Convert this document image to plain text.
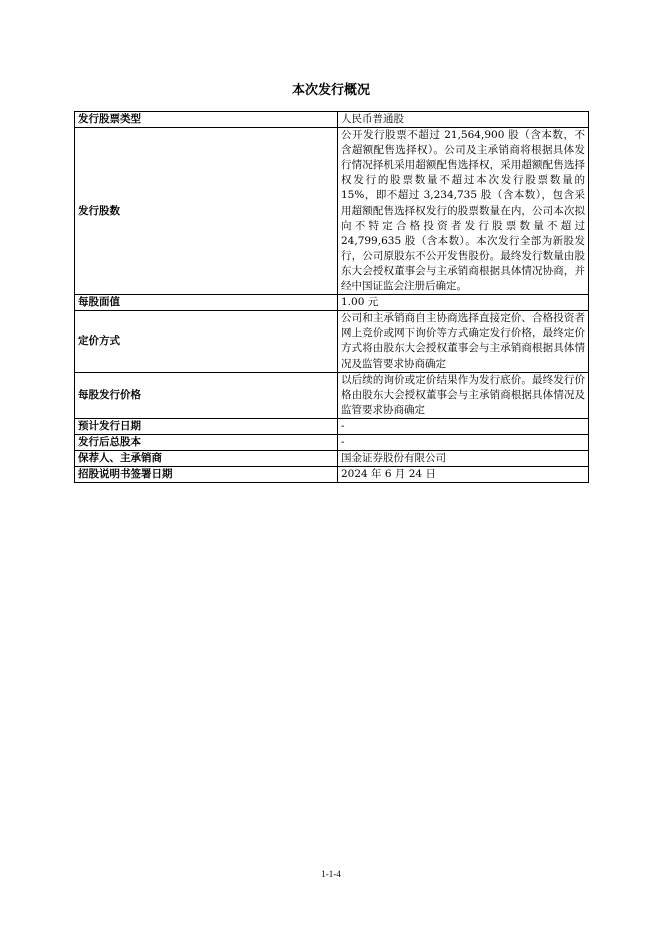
本次发行概况
发行股票类型	人民币普通股
发行股数	公开发行股票不超过 21,564,900 股（含本数，不含超额配售选择权）。公司及主承销商将根据具体发行情况择机采用超额配售选择权，采用超额配售选择权发行的股票数量不超过本次发行股票数量的 15%，即不超过 3,234,735 股（含本数），包含采用超额配售选择权发行的股票数量在内，公司本次拟向不特定合格投资者发行股票数量不超过 24,799,635 股（含本数）。本次发行全部为新股发行，公司原股东不公开发售股份。最终发行数量由股东大会授权董事会与主承销商根据具体情况协商，并经中国证监会注册后确定。
每股面值	1.00 元
定价方式	公司和主承销商自主协商选择直接定价、合格投资者网上竞价或网下询价等方式确定发行价格，最终定价方式将由股东大会授权董事会与主承销商根据具体情况及监管要求协商确定
每股发行价格	以后续的询价或定价结果作为发行底价。最终发行价格由股东大会授权董事会与主承销商根据具体情况及监管要求协商确定
预计发行日期	-
发行后总股本	-
保荐人、主承销商	国金证券股份有限公司
招股说明书签署日期	2024 年 6 月 24 日
1-1-4
